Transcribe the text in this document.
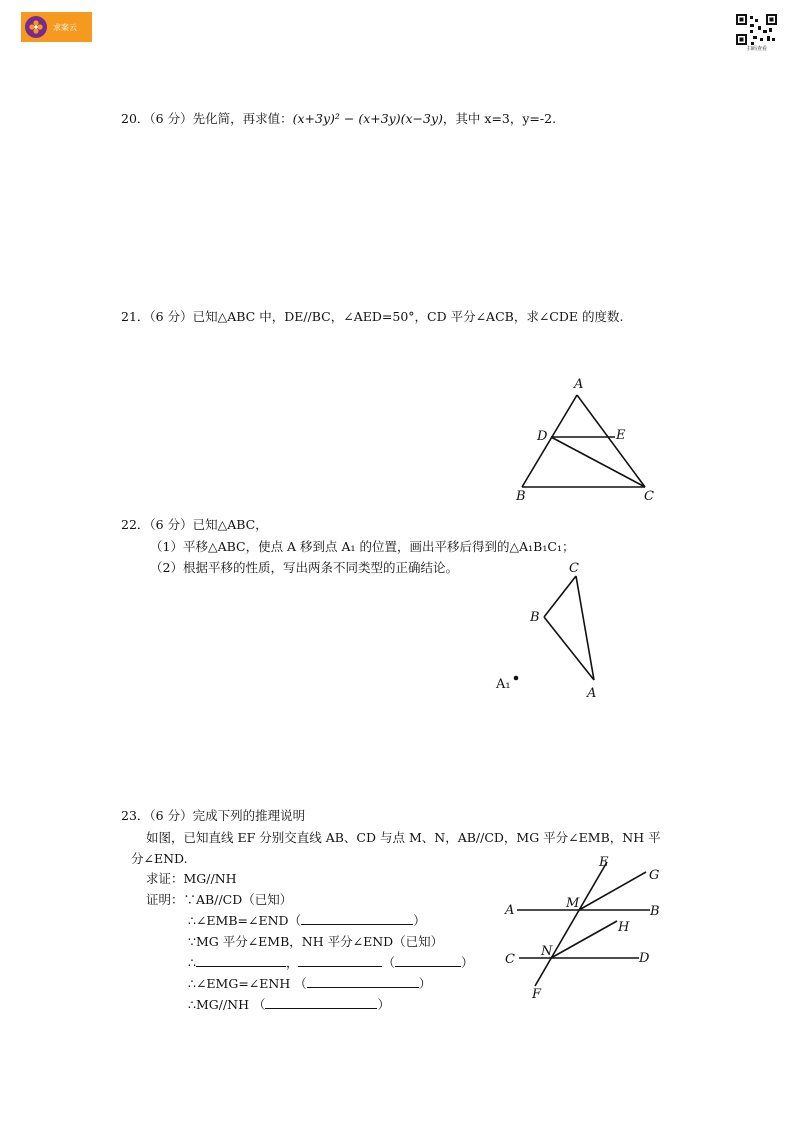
求案云
扫码查看
20．（6 分）先化简，再求值：(x+3y)² − (x+3y)(x−3y)，其中 x=3，y=-2.
21．（6 分）已知△ABC 中，DE//BC，∠AED=50°，CD 平分∠ACB，求∠CDE 的度数.
A
D	E
B	C
22．（6 分）已知△ABC，
（1）平移△ABC，使点 A 移到点 A₁ 的位置，画出平移后得到的△A₁B₁C₁；
（2）根据平移的性质，写出两条不同类型的正确结论。	C
B
A
A₁
23．（6 分）完成下列的推理说明
如图，已知直线 EF 分别交直线 AB、CD 与点 M、N，AB//CD，MG 平分∠EMB，NH 平
分∠END.
求证：MG//NH
证明：∵AB//CD（已知）
∴∠EMB=∠END（	）
∵MG 平分∠EMB，NH 平分∠END（已知）
∴	，	（	）
∴∠EMG=∠ENH （	）
∴MG//NH （	）
E
G
A	M
B
H
C
N	D
F
